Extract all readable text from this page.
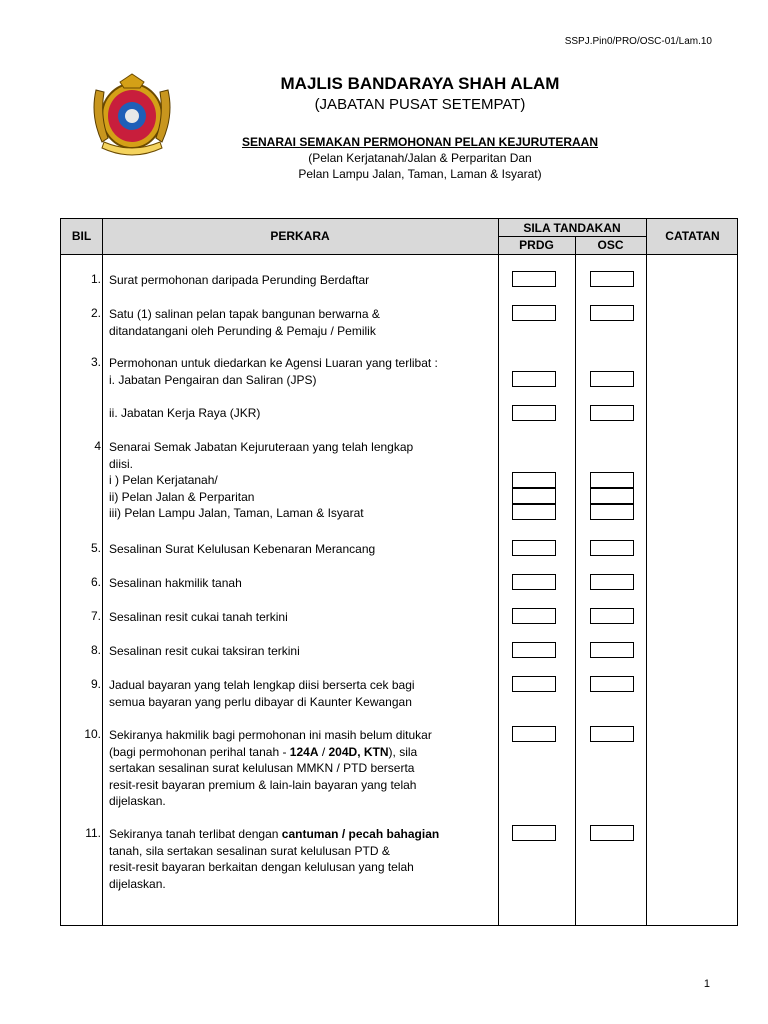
SSPJ.Pin0/PRO/OSC-01/Lam.10
MAJLIS BANDARAYA SHAH ALAM
(JABATAN PUSAT SETEMPAT)
SENARAI SEMAKAN PERMOHONAN PELAN KEJURUTERAAN
(Pelan Kerjatanah/Jalan & Perparitan Dan
Pelan Lampu Jalan, Taman, Laman & Isyarat)
BIL	PERKARA
SILA TANDAKAN
PRDG	OSC
CATATAN
1. Surat permohonan daripada Perunding Berdaftar
2. Satu (1) salinan pelan tapak bangunan berwarna &
ditandatangani oleh Perunding & Pemaju / Pemilik
3. Permohonan untuk diedarkan ke Agensi Luaran yang terlibat :
i. Jabatan Pengairan dan Saliran (JPS)
ii. Jabatan Kerja Raya (JKR)
4 Senarai Semak Jabatan Kejuruteraan yang telah lengkap
diisi.
i ) Pelan Kerjatanah/
ii) Pelan Jalan & Perparitan
iii) Pelan Lampu Jalan, Taman, Laman & Isyarat
5. Sesalinan Surat Kelulusan Kebenaran Merancang
6. Sesalinan hakmilik tanah
7. Sesalinan resit cukai tanah terkini
8. Sesalinan resit cukai taksiran terkini
9. Jadual bayaran yang telah lengkap diisi berserta cek bagi
semua bayaran yang perlu dibayar di Kaunter Kewangan
10. Sekiranya hakmilik bagi permohonan ini masih belum ditukar
(bagi permohonan perihal tanah - 124A / 204D, KTN), sila
sertakan sesalinan surat kelulusan MMKN / PTD berserta
resit-resit bayaran premium & lain-lain bayaran yang telah
dijelaskan.
11. Sekiranya tanah terlibat dengan cantuman / pecah bahagian
tanah, sila sertakan sesalinan surat kelulusan PTD &
resit-resit bayaran berkaitan dengan kelulusan yang telah
dijelaskan.
1
